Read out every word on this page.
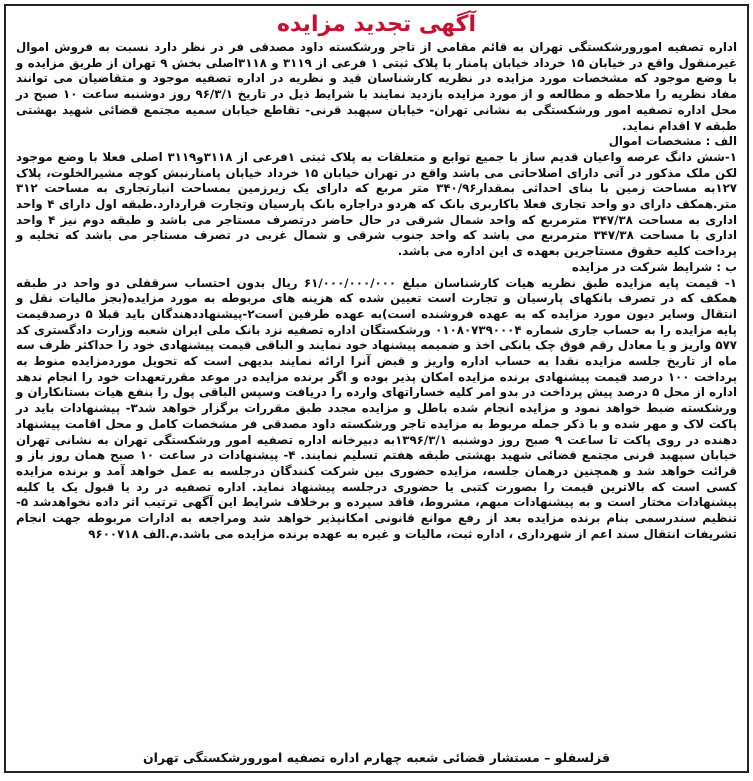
آگهی تجدید مزایده

اداره تصفیه امورورشکستگی تهران به قائم مقامی از تاجر ورشکسته داود مصدقی فر در نظر دارد نسبت به فروش اموال غیرمنقول واقع در خیابان ۱۵ خرداد خیابان پامنار با پلاک ثبتی ۱ فرعی از ۳۱۱۹ و ۳۱۱۸اصلی بخش ۹ تهران از طریق مزایده و با وضع موجود که مشخصات مورد مزایده در نظریه کارشناسان قید و نظریه در اداره تصفیه موجود و متقاضیان می توانند مفاد نظریه را ملاحظه و مطالعه و از مورد مزایده بازدید نمایند با شرایط ذیل در تاریخ ۹۶/۳/۱ روز دوشنبه ساعت ۱۰ صبح در محل اداره تصفیه امور ورشکستگی به نشانی تهران- خیابان سپهبد قرنی- تقاطع خیابان سمیه مجتمع قضائی شهید بهشتی طبقه ۷ اقدام نماید.

الف : مشخصات اموال

۱-شش دانگ عرصه واعیان قدیم ساز با جمیع توابع و متعلقات به پلاک ثبتی ۱فرعی از ۳۱۱۸و۳۱۱۹ اصلی فعلا با وضع موجود لکن ملک مذکور در آتی دارای اصلاحاتی می باشد واقع در تهران خیابان ۱۵ خرداد خیابان پامنارنبش کوچه مشیرالخلوت، پلاک ۱۲۷به مساحت زمین با بنای احداثی بمقدار۳۴۰/۹۶ متر مربع که دارای یک زیرزمین بمساحت انبارتجاری به مساحت ۳۱۲ متر.همکف دارای دو واحد تجاری فعلا باکاربری بانک که هردو دراجاره بانک پارسیان وتجارت قراردارد.طبقه اول دارای ۴ واحد اداری به مساحت ۳۴۷/۳۸ مترمربع که واحد شمال شرقی در حال حاضر درتصرف مستاجر می باشد و طبقه دوم نیز ۴ واحد اداری با مساحت ۳۴۷/۳۸ مترمربع می باشد که واحد جنوب شرقی و شمال غربی در تصرف مستاجر می باشد که تخلیه و پرداخت کلیه حقوق مستاجرین بعهده ی این اداره می باشد.

ب : شرایط شرکت در مزایده

۱- قیمت پایه مزایده طبق نظریه هیات کارشناسان مبلغ ۶۱/۰۰۰/۰۰۰/۰۰۰ ریال بدون احتساب سرقفلی دو واحد در طبقه همکف که در تصرف بانکهای پارسیان و تجارت است تعیین شده که هزینه های مربوطه به مورد مزایده(بجز مالیات نقل و انتقال وسایر دیون مورد مزایده که به عهده فروشنده است)به عهده طرفین است۲-پیشنهاددهندگان باید قبلا ۵ درصدقیمت پایه مزایده را به حساب جاری شماره ۰۱۰۸۰۷۳۹۰۰۰۴ ورشکستگان اداره تصفیه نزد بانک ملی ایران شعبه وزارت دادگستری کد ۵۷۷ واریز و یا معادل رقم فوق چک بانکی اخذ و ضمیمه پیشنهاد خود نمایند و الباقی قیمت پیشنهادی خود را حداکثر ظرف سه ماه از تاریخ جلسه مزایده نقدا به حساب اداره واریز و قبض آنرا ارائه نمایند بدیهی است که تحویل موردمزایده منوط به پرداخت ۱۰۰ درصد قیمت پیشنهادی برنده مزایده امکان پذیر بوده و اگر برنده مزایده در موعد مقررتعهدات خود را انجام ندهد اداره از محل ۵ درصد پیش پرداخت در بدو امر کلیه خساراتهای وارده را دریافت وسپس الباقی پول را بنفع هیات بستانکاران و ورشکسته ضبط خواهد نمود و مزایده انجام شده باطل و مزایده مجدد طبق مقررات برگزار خواهد شد۳- پیشنهادات باید در پاکت لاک و مهر شده و با ذکر جمله مربوط به مزایده تاجر ورشکسته داود مصدقی فر مشخصات کامل و محل اقامت پیشنهاد دهنده در روی پاکت تا ساعت ۹ صبح روز دوشنبه ۱۳۹۶/۳/۱به دبیرخانه اداره تصفیه امور ورشکستگی تهران به نشانی تهران خیابان سپهبد قرنی مجتمع قضائی شهید بهشتی طبقه هفتم تسلیم نمایند. ۴- پیشنهادات در ساعت ۱۰ صبح همان روز باز و قرائت خواهد شد و همچنین درهمان جلسه، مزایده حضوری بین شرکت کنندگان درجلسه به عمل خواهد آمد و برنده مزایده کسی است که بالاترین قیمت را بصورت کتبی یا حضوری درجلسه پیشنهاد نماید. اداره تصفیه در رد یا قبول یک یا کلیه پیشنهادات مختار است و به پیشنهادات مبهم، مشروط، فاقد سپرده و برخلاف شرایط این آگهی ترتیب اثر داده نخواهدشد ۵-تنظیم سندرسمی بنام برنده مزایده بعد از رفع موانع قانونی امکانپذیر خواهد شد ومراجعه به ادارات مربوطه جهت انجام تشریفات انتقال سند اعم از شهرداری ، اداره ثبت، مالیات و غیره به عهده برنده مزایده می باشد.م.الف ۹۶۰۰۷۱۸

قزلسفلو – مستشار قضائی شعبه چهارم اداره تصفیه امورورشکستگی تهران
